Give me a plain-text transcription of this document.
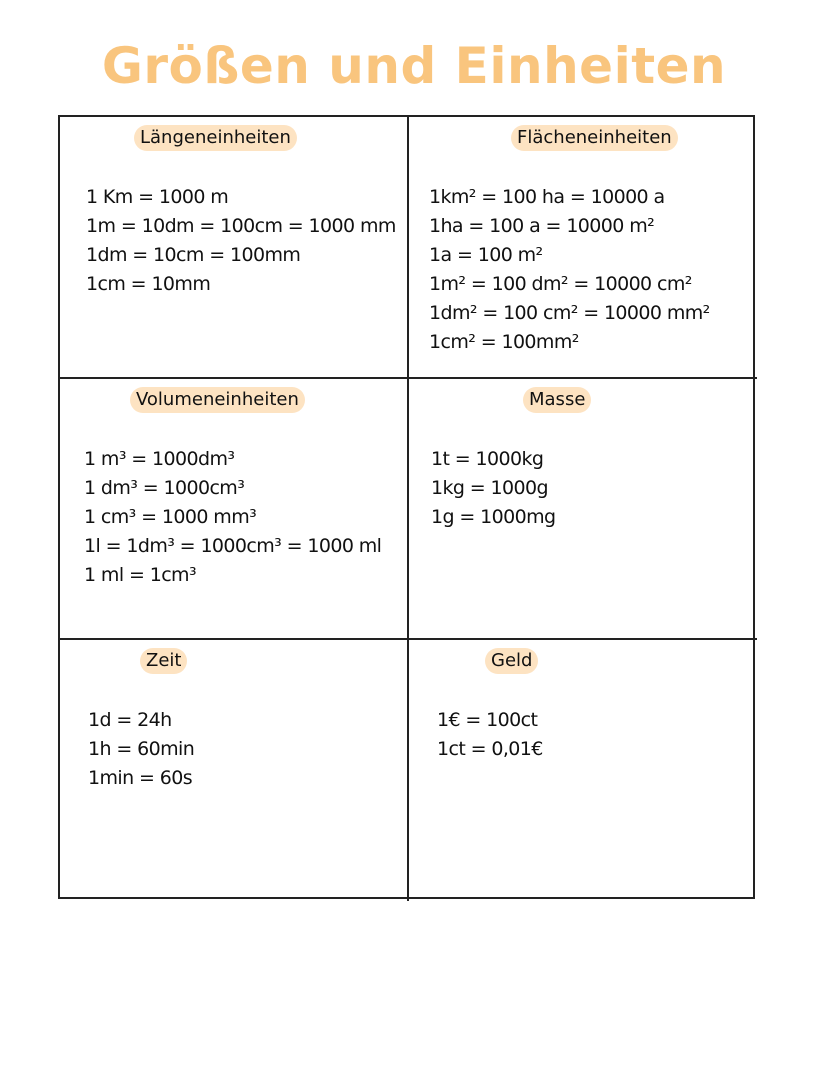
Größen und Einheiten
Längeneinheiten
1 Km = 1000 m
1m = 10dm = 100cm = 1000 mm
1dm = 10cm = 100mm
1cm = 10mm
Flächeneinheiten
1km² = 100 ha = 10000 a
1ha = 100 a = 10000 m²
1a = 100 m²
1m² = 100 dm² = 10000 cm²
1dm² = 100 cm² = 10000 mm²
1cm² = 100mm²
Volumeneinheiten
1 m³ = 1000dm³
1 dm³ = 1000cm³
1 cm³ = 1000 mm³
1l = 1dm³ = 1000cm³ = 1000 ml
1 ml = 1cm³
Masse
1t = 1000kg
1kg = 1000g
1g = 1000mg
Zeit
1d = 24h
1h = 60min
1min = 60s
Geld
1€ = 100ct
1ct = 0,01€
